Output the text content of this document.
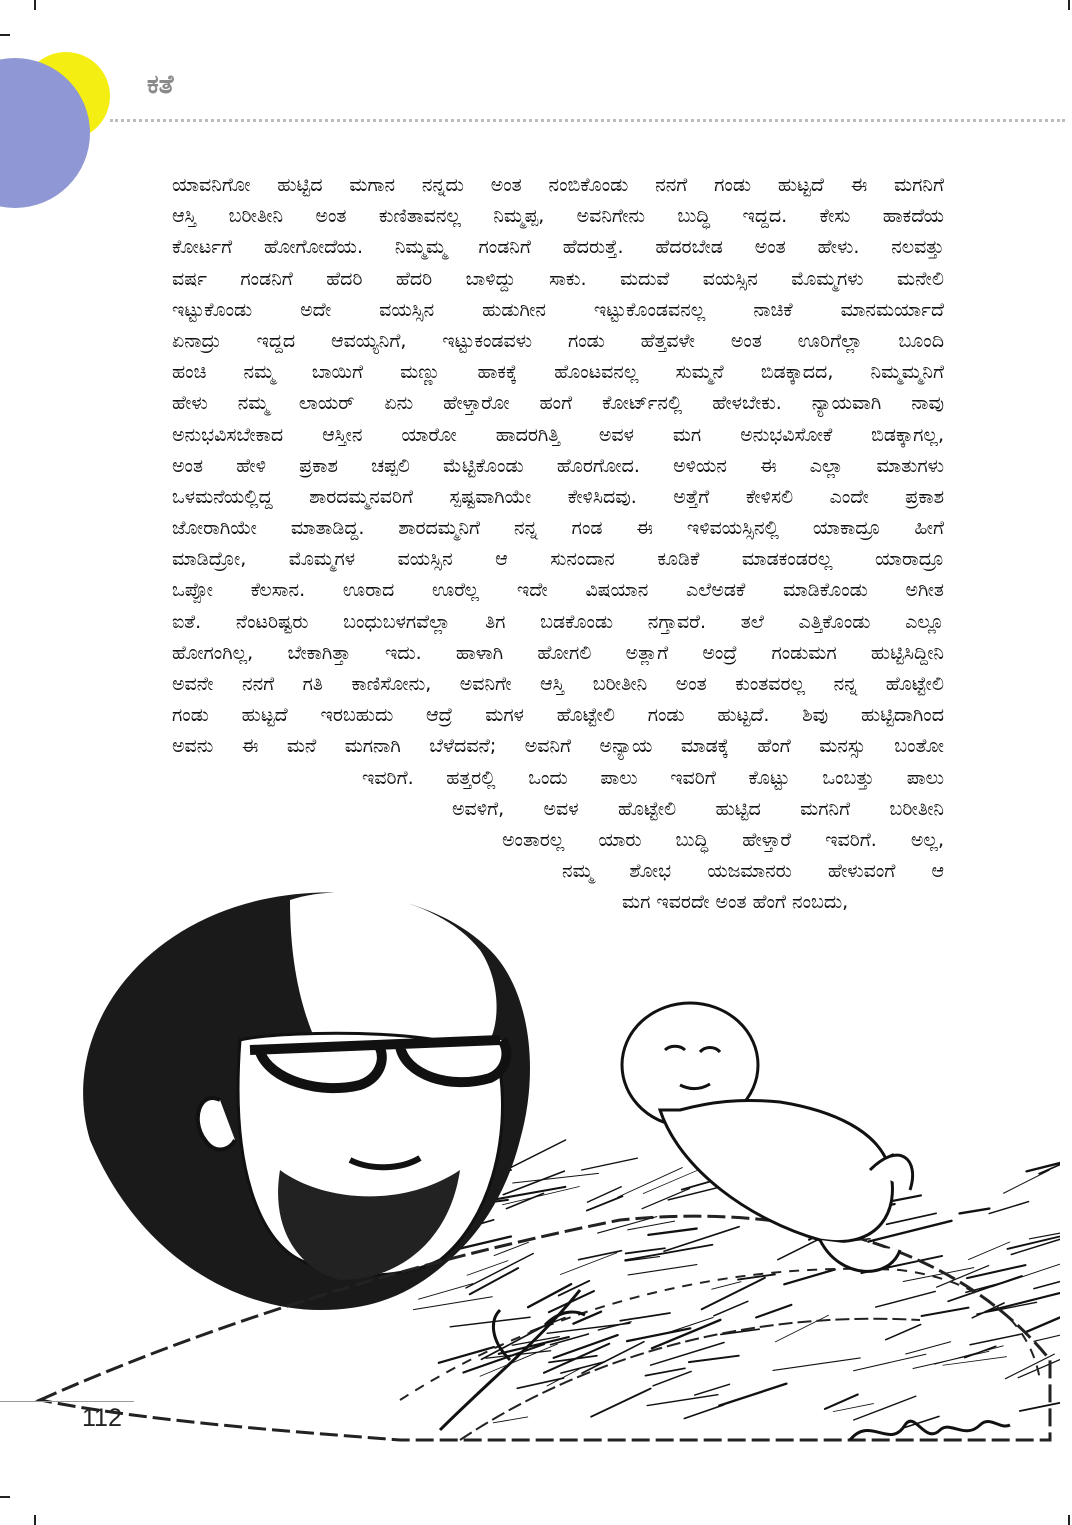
ಕತೆ
ಯಾವನಿಗೋ ಹುಟ್ಟಿದ ಮಗಾನ ನನ್ನದು ಅಂತ ನಂಬಿಕೊಂಡು ನನಗೆ ಗಂಡು ಹುಟ್ಟದೆ ಈ ಮಗನಿಗೆ
ಆಸ್ತಿ ಬರೀತೀನಿ ಅಂತ ಕುಣಿತಾವನಲ್ಲ ನಿಮ್ಮಪ್ಪ, ಅವನಿಗೇನು ಬುದ್ಧಿ ಇದ್ದದ. ಕೇಸು ಹಾಕದೆಯ
ಕೋರ್ಟಗೆ ಹೋಗೋದೆಯ. ನಿಮ್ಮಮ್ಮ ಗಂಡನಿಗೆ ಹೆದರುತ್ತೆ. ಹೆದರಬೇಡ ಅಂತ ಹೇಳು. ನಲವತ್ತು
ವರ್ಷ ಗಂಡನಿಗೆ ಹೆದರಿ ಹೆದರಿ ಬಾಳಿದ್ದು ಸಾಕು. ಮದುವೆ ವಯಸ್ಸಿನ ಮೊಮ್ಮಗಳು ಮನೇಲಿ
ಇಟ್ಟುಕೊಂಡು ಅದೇ ವಯಸ್ಸಿನ ಹುಡುಗೀನ ಇಟ್ಟುಕೊಂಡವನಲ್ಲ ನಾಚಿಕೆ ಮಾನಮರ್ಯಾದೆ
ಏನಾದ್ರು ಇದ್ದದ ಆವಯ್ಯನಿಗೆ, ಇಟ್ಟುಕಂಡವಳು ಗಂಡು ಹೆತ್ತವಳೇ ಅಂತ ಊರಿಗೆಲ್ಲಾ ಬೂಂದಿ
ಹಂಚಿ ನಮ್ಮ ಬಾಯಿಗೆ ಮಣ್ಣು ಹಾಕಕ್ಕೆ ಹೊಂಟವನಲ್ಲ ಸುಮ್ಮನೆ ಬಿಡಕ್ಕಾದದ, ನಿಮ್ಮಮ್ಮನಿಗೆ
ಹೇಳು ನಮ್ಮ ಲಾಯರ್ ಏನು ಹೇಳ್ತಾರೋ ಹಂಗೆ ಕೋರ್ಟ್‌ನಲ್ಲಿ ಹೇಳಬೇಕು. ನ್ಯಾಯವಾಗಿ ನಾವು
ಅನುಭವಿಸಬೇಕಾದ ಆಸ್ತೀನ ಯಾರೋ ಹಾದರಗಿತ್ತಿ ಅವಳ ಮಗ ಅನುಭವಿಸೋಕೆ ಬಿಡಕ್ಕಾಗಲ್ಲ,
ಅಂತ ಹೇಳಿ ಪ್ರಕಾಶ ಚಪ್ಪಲಿ ಮೆಟ್ಟಿಕೊಂಡು ಹೊರಗೋದ. ಅಳಿಯನ ಈ ಎಲ್ಲಾ ಮಾತುಗಳು
ಒಳಮನೆಯಲ್ಲಿದ್ದ ಶಾರದಮ್ಮನವರಿಗೆ ಸ್ಪಷ್ಟವಾಗಿಯೇ ಕೇಳಿಸಿದವು. ಅತ್ತೆಗೆ ಕೇಳಿಸಲಿ ಎಂದೇ ಪ್ರಕಾಶ
ಜೋರಾಗಿಯೇ ಮಾತಾಡಿದ್ದ. ಶಾರದಮ್ಮನಿಗೆ ನನ್ನ ಗಂಡ ಈ ಇಳಿವಯಸ್ಸಿನಲ್ಲಿ ಯಾಕಾದ್ರೂ ಹೀಗೆ
ಮಾಡಿದ್ರೋ, ಮೊಮ್ಮಗಳ ವಯಸ್ಸಿನ ಆ ಸುನಂದಾನ ಕೂಡಿಕೆ ಮಾಡಕಂಡರಲ್ಲ ಯಾರಾದ್ರೂ
ಒಪ್ಪೋ ಕೆಲಸಾನ. ಊರಾದ ಊರೆಲ್ಲ ಇದೇ ವಿಷಯಾನ ಎಲೆಅಡಕೆ ಮಾಡಿಕೊಂಡು ಅಗೀತ
ಐತೆ. ನೆಂಟರಿಷ್ಟರು ಬಂಧುಬಳಗವೆಲ್ಲಾ ತಿಗ ಬಡಕೊಂಡು ನಗ್ತಾವರೆ. ತಲೆ ಎತ್ತಿಕೊಂಡು ಎಲ್ಲೂ
ಹೋಗಂಗಿಲ್ಲ, ಬೇಕಾಗಿತ್ತಾ ಇದು. ಹಾಳಾಗಿ ಹೋಗಲಿ ಅತ್ಲಾಗೆ ಅಂದ್ರೆ ಗಂಡುಮಗ ಹುಟ್ಟಿಸಿದ್ದೀನಿ
ಅವನೇ ನನಗೆ ಗತಿ ಕಾಣಿಸೋನು, ಅವನಿಗೇ ಆಸ್ತಿ ಬರೀತೀನಿ ಅಂತ ಕುಂತವರಲ್ಲ ನನ್ನ ಹೊಟ್ಟೇಲಿ
ಗಂಡು ಹುಟ್ಟದೆ ಇರಬಹುದು ಆದ್ರೆ ಮಗಳ ಹೊಟ್ಟೇಲಿ ಗಂಡು ಹುಟ್ಟದೆ. ಶಿವು ಹುಟ್ಟಿದಾಗಿಂದ
ಅವನು ಈ ಮನೆ ಮಗನಾಗಿ ಬೆಳೆದವನೆ; ಅವನಿಗೆ ಅನ್ಯಾಯ ಮಾಡಕ್ಕೆ ಹೆಂಗೆ ಮನಸ್ಸು ಬಂತೋ
ಇವರಿಗೆ. ಹತ್ತರಲ್ಲಿ ಒಂದು ಪಾಲು ಇವರಿಗೆ ಕೊಟ್ಟು ಒಂಬತ್ತು ಪಾಲು
ಅವಳಿಗೆ, ಅವಳ ಹೊಟ್ಟೇಲಿ ಹುಟ್ಟಿದ ಮಗನಿಗೆ ಬರೀತೀನಿ
ಅಂತಾರಲ್ಲ ಯಾರು ಬುದ್ಧಿ ಹೇಳ್ತಾರೆ ಇವರಿಗೆ. ಅಲ್ಲ,
ನಮ್ಮ ಶೋಭ ಯಜಮಾನರು ಹೇಳುವಂಗೆ ಆ
ಮಗ ಇವರದೇ ಅಂತ ಹೆಂಗೆ ನಂಬದು,
112
